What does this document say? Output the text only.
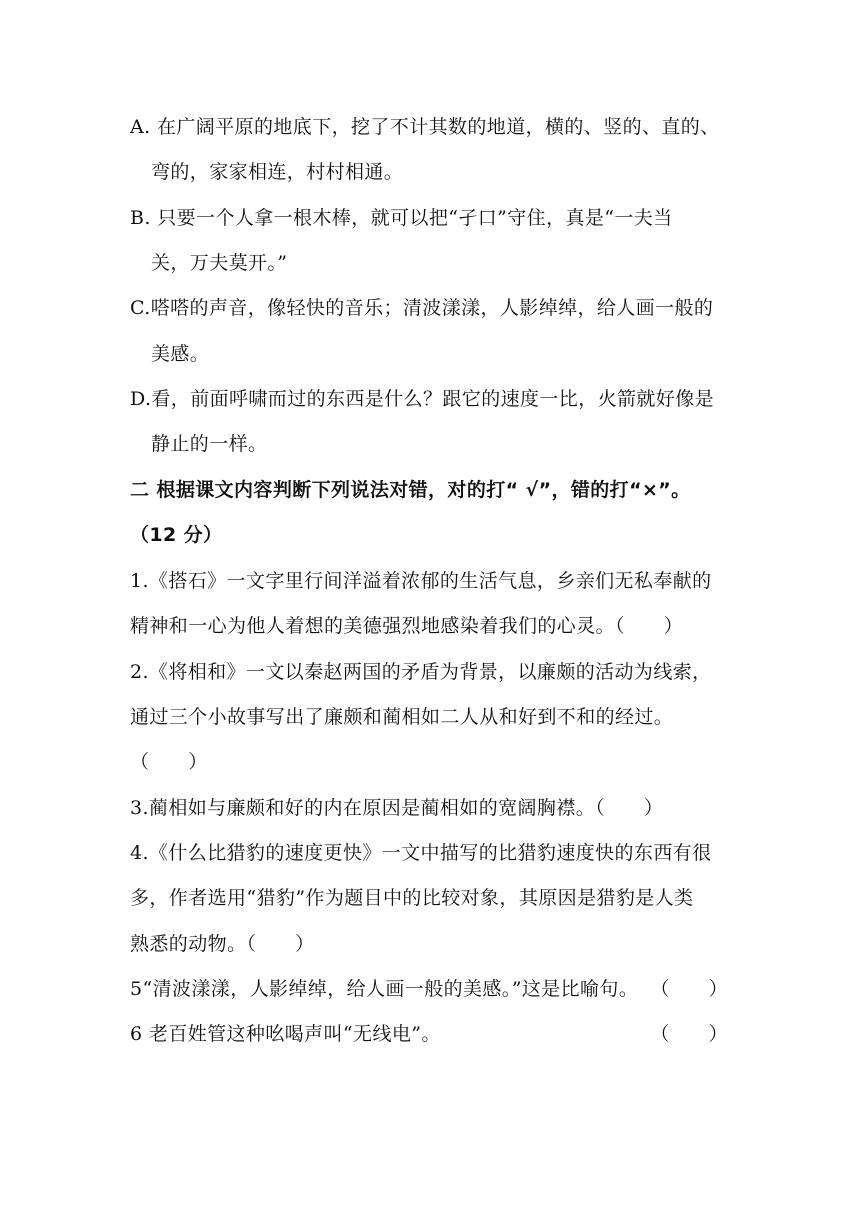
A. 在广阔平原的地底下，挖了不计其数的地道，横的、竖的、直的、
弯的，家家相连，村村相通。
B. 只要一个人拿一根木棒，就可以把“孑口”守住，真是“一夫当
关，万夫莫开。”
C.嗒嗒的声音，像轻快的音乐；清波漾漾，人影绰绰，给人画一般的
美感。
D.看，前面呼啸而过的东西是什么？跟它的速度一比，火箭就好像是
静止的一样。
二 根据课文内容判断下列说法对错，对的打“ √”，错的打“×”。
（12 分）
1.《搭石》一文字里行间洋溢着浓郁的生活气息，乡亲们无私奉献的
精神和一心为他人着想的美德强烈地感染着我们的心灵。（　　）
2.《将相和》一文以秦赵两国的矛盾为背景，以廉颇的活动为线索，
通过三个小故事写出了廉颇和蔺相如二人从和好到不和的经过。
（　　）
3.蔺相如与廉颇和好的内在原因是蔺相如的宽阔胸襟。（　　）
4.《什么比猎豹的速度更快》一文中描写的比猎豹速度快的东西有很
多，作者选用“猎豹”作为题目中的比较对象，其原因是猎豹是人类
熟悉的动物。（　　）
5“清波漾漾，人影绰绰，给人画一般的美感。”这是比喻句。 （　　）
6 老百姓管这种吆喝声叫“无线电”。	（　　）
